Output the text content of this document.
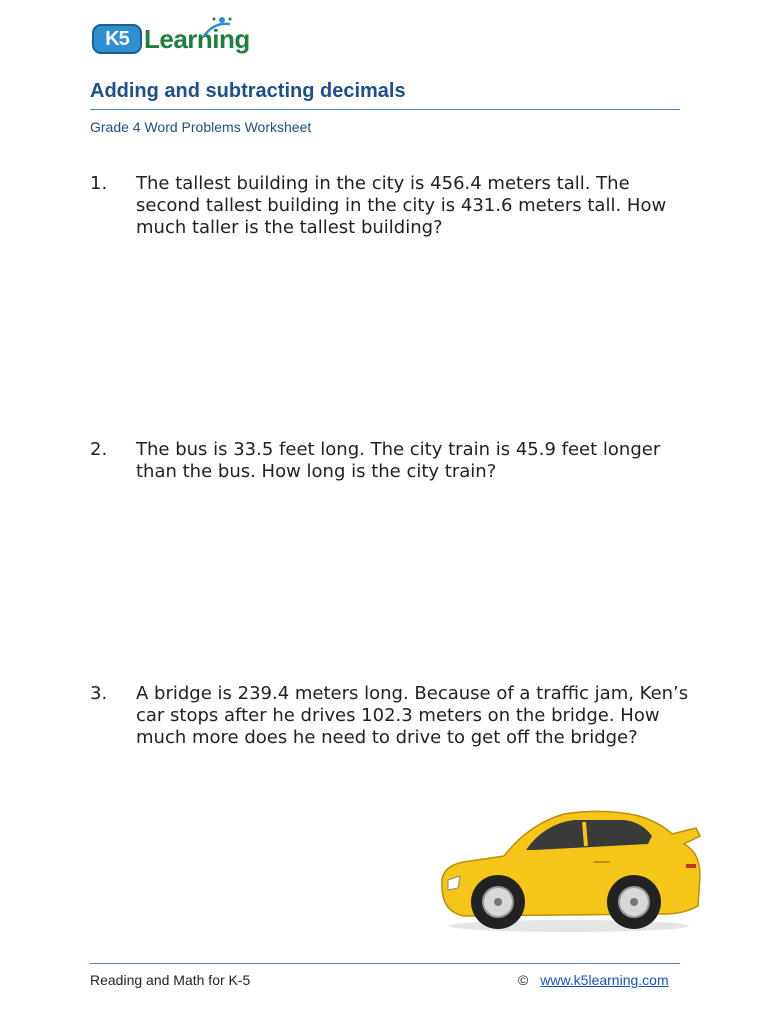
K5 Learning
Adding and subtracting decimals
Grade 4 Word Problems Worksheet
1. The tallest building in the city is 456.4 meters tall. The second tallest building in the city is 431.6 meters tall. How much taller is the tallest building?
2. The bus is 33.5 feet long. The city train is 45.9 feet longer than the bus. How long is the city train?
3. A bridge is 239.4 meters long. Because of a traffic jam, Ken’s car stops after he drives 102.3 meters on the bridge. How much more does he need to drive to get off the bridge?
Reading and Math for K-5	© www.k5learning.com
